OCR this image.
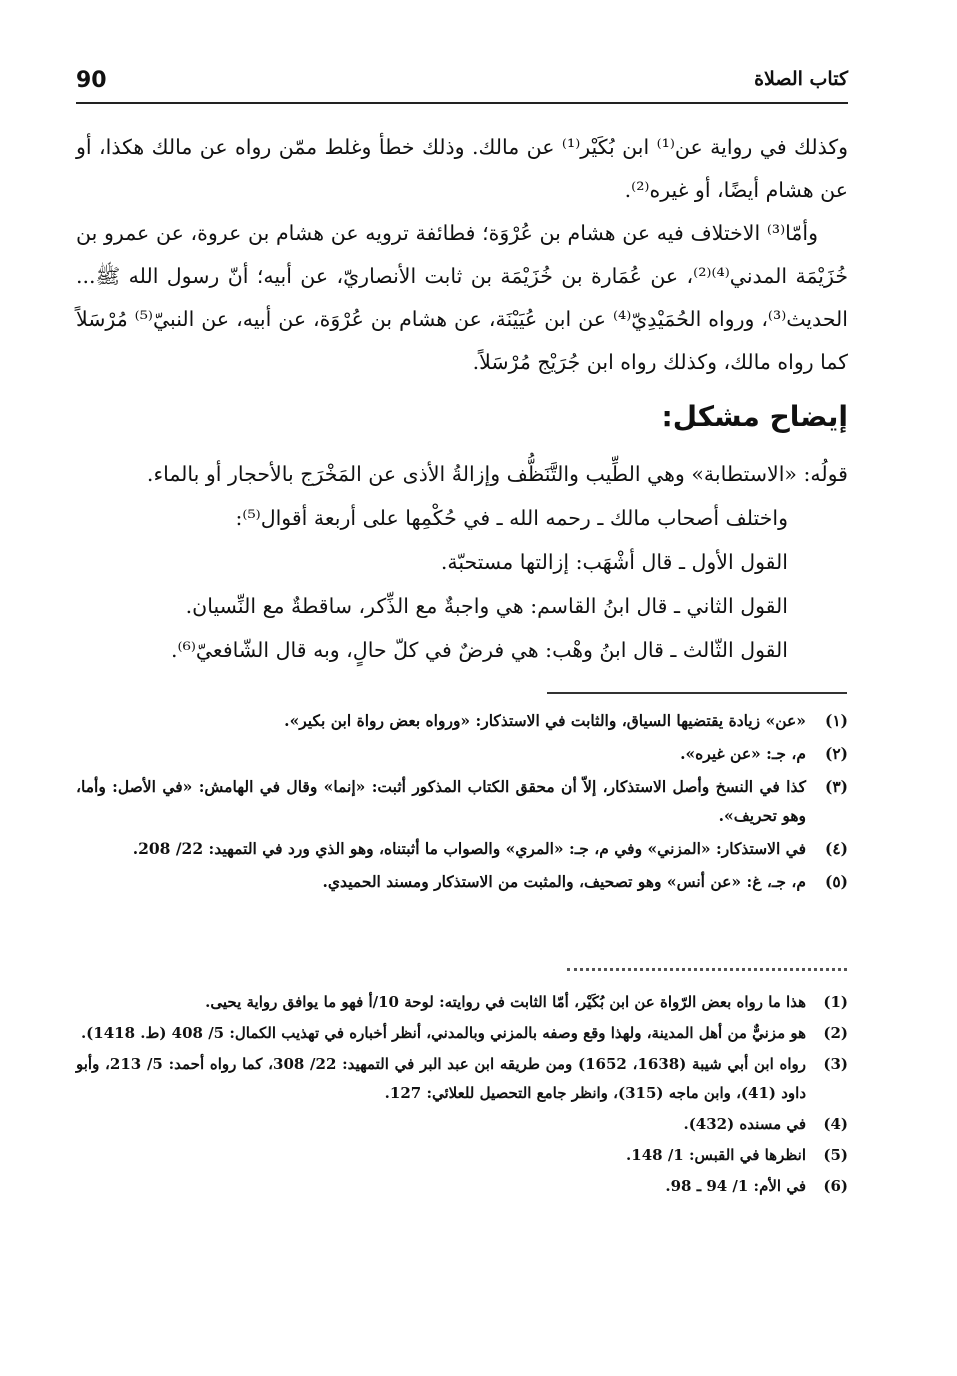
90	كتاب الصلاة

وكذلك في رواية عن⁽¹⁾ ابن بُكَيْر⁽¹⁾ عن مالك. وذلك خطأ وغلط ممّن رواه عن مالك هكذا، أو عن هشام أيضًا، أو غيره⁽²⁾.

وأمّا⁽³⁾ الاختلاف فيه عن هشام بن عُرْوَة؛ فطائفة ترويه عن هشام بن عروة، عن عمرو بن خُزَيْمَة المدني⁽⁴⁾⁽²⁾، عن عُمَارة بن خُزَيْمَة بن ثابت الأنصاريّ، عن أبيه؛ أنّ رسول الله ﷺ... الحديث⁽³⁾، ورواه الحُمَيْدِيّ⁽⁴⁾ عن ابن عُيَيْنَة، عن هشام بن عُرْوَة، عن أبيه، عن النبيّ⁽⁵⁾ مُرْسَلاً كما رواه مالك، وكذلك رواه ابن جُرَيْج مُرْسَلاً.

إيضاح مشكل:

قولُه: «الاستطابة» وهي الطِّيب والتَّنَظُّف وإزالةُ الأذى عن المَخْرَج بالأحجار أو بالماء.

واختلف أصحاب مالك ـ رحمه الله ـ في حُكْمِها على أربعة أقوال⁽⁵⁾:

القول الأول ـ قال أشْهَب: إزالتها مستحبّة.

القول الثاني ـ قال ابنُ القاسم: هي واجبةٌ مع الذِّكر، ساقطةٌ مع النِّسيان.

القول الثّالث ـ قال ابنُ وهْب: هي فرضٌ في كلّ حالٍ، وبه قال الشّافعيّ⁽⁶⁾.

(١)
«عن» زيادة يقتضيها السياق، والثابت في الاستذكار: «ورواه بعض رواة ابن بكير».
(٢)
م، جـ: «عن غيره».
(٣)
كذا في النسخ وأصل الاستذكار، إلاّ أن محقق الكتاب المذكور أثبت: «إنما» وقال في الهامش: «في الأصل: وأما، وهو تحريف».
(٤)
في الاستذكار: «المزني» وفي م، جـ: «المري» والصواب ما أثبتناه، وهو الذي ورد في التمهيد: 22/ 208.
(٥)
م، جـ، غ: «عن أنس» وهو تصحيف، والمثبت من الاستذكار ومسند الحميدي.
(1)
هذا ما رواه بعض الرّواة عن ابن بُكَيْر، أمّا الثابت في روايته: لوحة 10/أ فهو ما يوافق رواية يحيى.
(2)
هو مزنيٌّ من أهل المدينة، ولهذا وقع وصفه بالمزني وبالمدني، أنظر أخباره في تهذيب الكمال: 5/ 408 (ط. 1418).
(3)
رواه ابن أبي شيبة (1638، 1652) ومن طريقه ابن عبد البر في التمهيد: 22/ 308، كما رواه أحمد: 5/ 213، وأبو داود (41)، وابن ماجه (315)، وانظر جامع التحصيل للعلائي: 127.
(4)
في مسنده (432).
(5)
انظرها في القبس: 1/ 148.
(6)
في الأم: 1/ 94 ـ 98.
